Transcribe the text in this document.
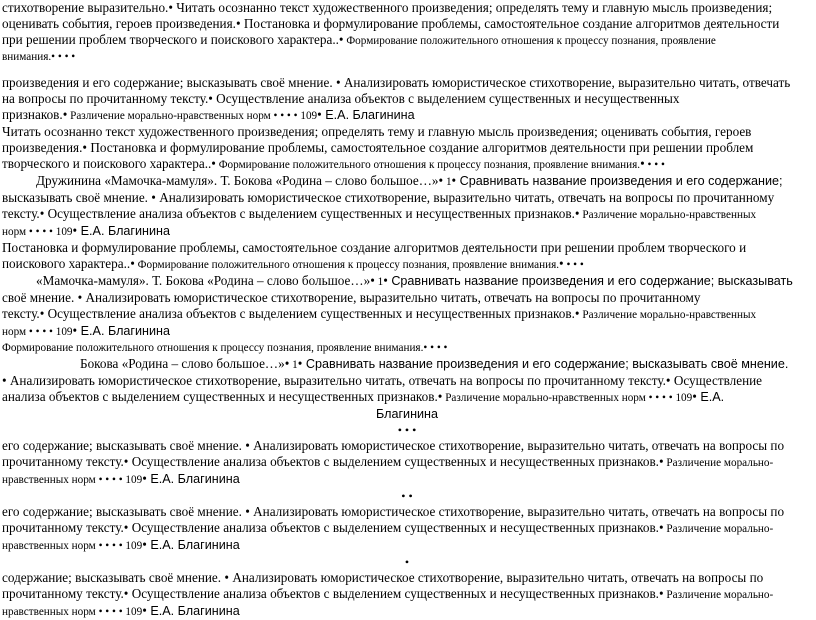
стихотворение выразительно.• Читать осознанно текст художественного произведения; определять тему и главную мысль произведения;

оценивать события, героев произведения.• Постановка и формулирование проблемы, самостоятельное создание алгоритмов деятельности

при решении проблем творческого и поискового характера..• Формирование положительного отношения к процессу познания, проявление

внимания.• • • •

произведения и его содержание; высказывать своё мнение. • Анализировать юмористическое стихотворение, выразительно читать, отвечать

на вопросы по прочитанному тексту.• Осуществление анализа объектов с выделением существенных и несущественных

признаков.• Различение морально-нравственных норм • • • • 109• Е.А. Благинина

Читать осознанно текст художественного произведения; определять тему и главную мысль произведения; оценивать события, героев

произведения.• Постановка и формулирование проблемы, самостоятельное создание алгоритмов деятельности при решении проблем

творческого и поискового характера..• Формирование положительного отношения к процессу познания, проявление внимания.• • • •

Дружинина «Мамочка-мамуля». Т. Бокова «Родина – слово большое…»• 1• Сравнивать название произведения и его содержание;

высказывать своё мнение. • Анализировать юмористическое стихотворение, выразительно читать, отвечать на вопросы по прочитанному

тексту.• Осуществление анализа объектов с выделением существенных и несущественных признаков.• Различение морально-нравственных

норм • • • • 109• Е.А. Благинина

Постановка и формулирование проблемы, самостоятельное создание алгоритмов деятельности при решении проблем творческого и

поискового характера..• Формирование положительного отношения к процессу познания, проявление внимания.• • • •

«Мамочка-мамуля». Т. Бокова «Родина – слово большое…»• 1• Сравнивать название произведения и его содержание; высказывать

своё мнение. • Анализировать юмористическое стихотворение, выразительно читать, отвечать на вопросы по прочитанному

тексту.• Осуществление анализа объектов с выделением существенных и несущественных признаков.• Различение морально-нравственных

норм • • • • 109• Е.А. Благинина

Формирование положительного отношения к процессу познания, проявление внимания.• • • •

Бокова «Родина – слово большое…»• 1• Сравнивать название произведения и его содержание; высказывать своё мнение.

• Анализировать юмористическое стихотворение, выразительно читать, отвечать на вопросы по прочитанному тексту.• Осуществление

анализа объектов с выделением существенных и несущественных признаков.• Различение морально-нравственных норм • • • • 109• Е.А.

Благинина

• • •

его содержание; высказывать своё мнение. • Анализировать юмористическое стихотворение, выразительно читать, отвечать на вопросы по

прочитанному тексту.• Осуществление анализа объектов с выделением существенных и несущественных признаков.• Различение морально-

нравственных норм • • • • 109• Е.А. Благинина

• •

его содержание; высказывать своё мнение. • Анализировать юмористическое стихотворение, выразительно читать, отвечать на вопросы по

прочитанному тексту.• Осуществление анализа объектов с выделением существенных и несущественных признаков.• Различение морально-

нравственных норм • • • • 109• Е.А. Благинина

•

содержание; высказывать своё мнение. • Анализировать юмористическое стихотворение, выразительно читать, отвечать на вопросы по

прочитанному тексту.• Осуществление анализа объектов с выделением существенных и несущественных признаков.• Различение морально-

нравственных норм • • • • 109• Е.А. Благинина
